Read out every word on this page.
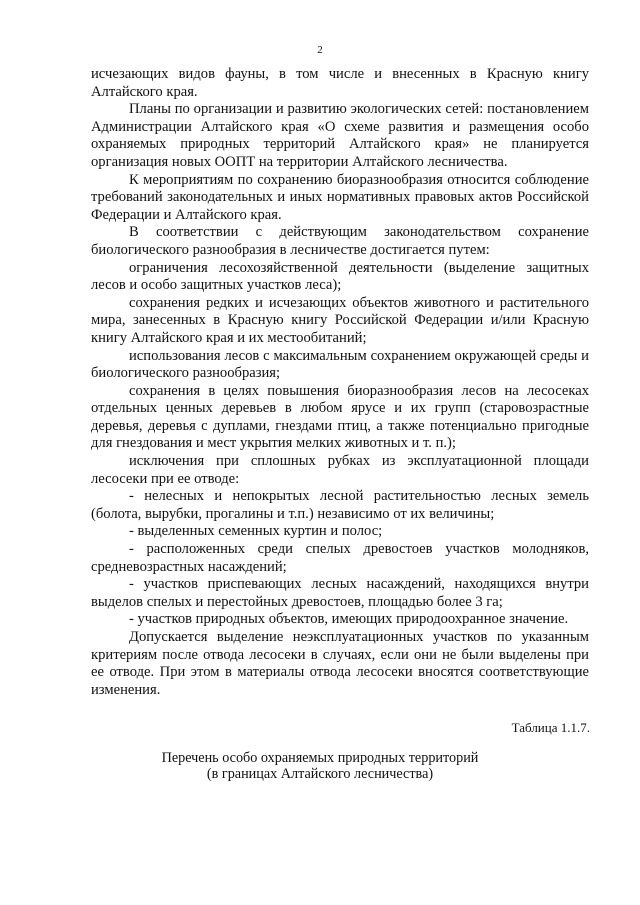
2

исчезающих видов фауны, в том числе и внесенных в Красную книгу Алтайского края.

Планы по организации и развитию экологических сетей: постановлением Администрации Алтайского края «О схеме развития и размещения особо охраняемых природных территорий Алтайского края» не планируется организация новых ООПТ на территории Алтайского лесничества.

К мероприятиям по сохранению биоразнообразия относится соблюдение требований законодательных и иных нормативных правовых актов Российской Федерации и Алтайского края.

В соответствии с действующим законодательством сохранение биологического разнообразия в лесничестве достигается путем:

ограничения лесохозяйственной деятельности (выделение защитных лесов и особо защитных участков леса);

сохранения редких и исчезающих объектов животного и растительного мира, занесенных в Красную книгу Российской Федерации и/или Красную книгу Алтайского края и их местообитаний;

использования лесов с максимальным сохранением окружающей среды и биологического разнообразия;

сохранения в целях повышения биоразнообразия лесов на лесосеках отдельных ценных деревьев в любом ярусе и их групп (старовозрастные деревья, деревья с дуплами, гнездами птиц, а также потенциально пригодные для гнездования и мест укрытия мелких животных и т. п.);

исключения при сплошных рубках из эксплуатационной площади лесосеки при ее отводе:

- нелесных и непокрытых лесной растительностью лесных земель (болота, вырубки, прогалины и т.п.) независимо от их величины;

- выделенных семенных куртин и полос;

- расположенных среди спелых древостоев участков молодняков, средневозрастных насаждений;

- участков приспевающих лесных насаждений, находящихся внутри выделов спелых и перестойных древостоев, площадью более 3 га;

- участков природных объектов, имеющих природоохранное значение.

Допускается выделение неэксплуатационных участков по указанным критериям после отвода лесосеки в случаях, если они не были выделены при ее отводе. При этом в материалы отвода лесосеки вносятся соответствующие изменения.

Таблица 1.1.7.
Перечень особо охраняемых природных территорий
(в границах Алтайского лесничества)
